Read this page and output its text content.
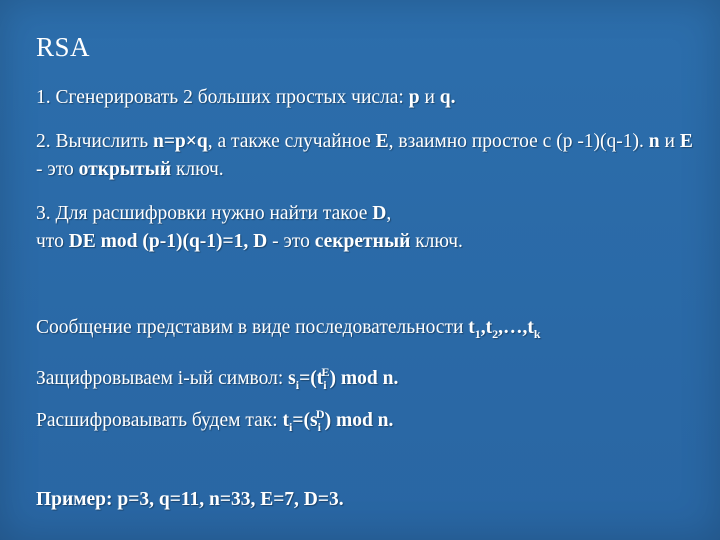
RSA
1. Сгенерировать 2 больших простых числа: p и q.
2. Вычислить n=p×q, а также случайное E, взаимно простое с (p -1)(q-1). n и E - это открытый ключ.
3. Для расшифровки нужно найти такое D,
что DE mod (p-1)(q-1)=1, D - это секретный ключ.
Сообщение представим в виде последовательности $t_1,t_2,\dots,t_k$
Защифровываем i-ый символ: $s_i=(t_i^E)$ mod n.
Расшифроваывать будем так: $t_i=(s_i^D)$ mod n.
Пример: p=3, q=11, n=33, E=7, D=3.
